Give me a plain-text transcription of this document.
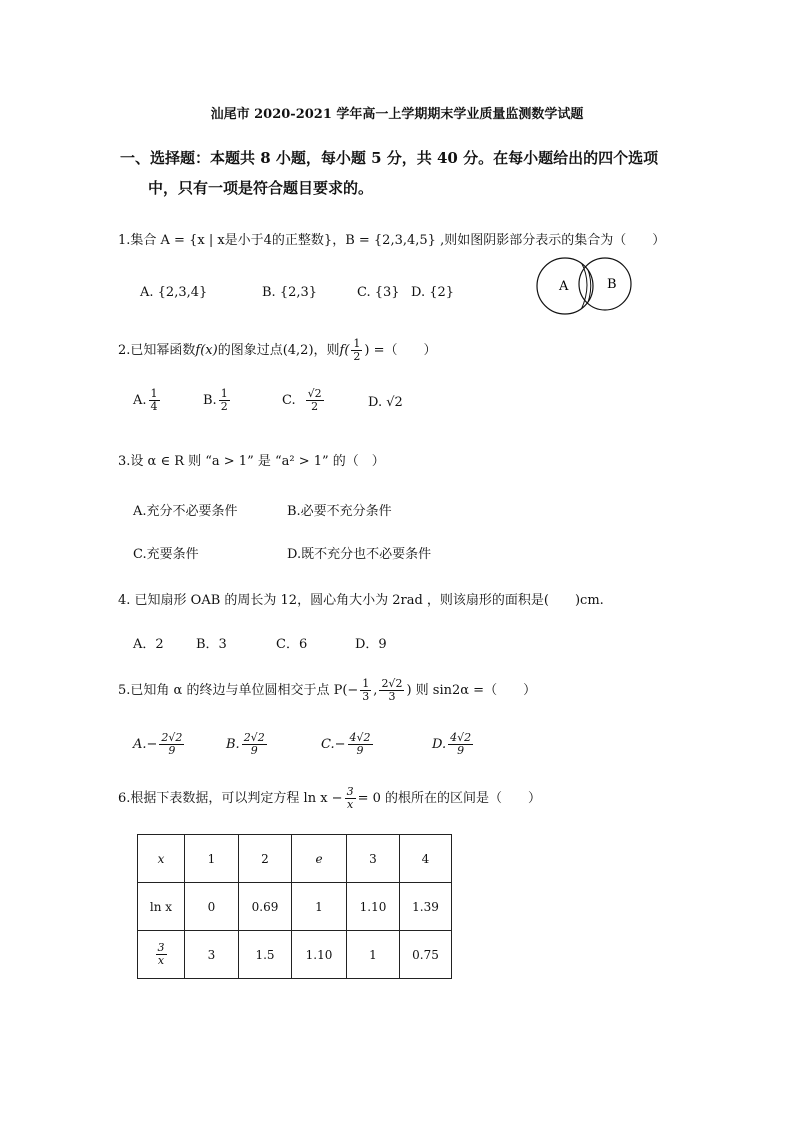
汕尾市 2020-2021 学年高一上学期期末学业质量监测数学试题
一、选择题：本题共 8 小题，每小题 5 分，共 40 分。在每小题给出的四个选项
中，只有一项是符合题目要求的。
1.集合 A = {x | x是小于4的正整数}，B = {2,3,4,5} ,则如图阴影部分表示的集合为（　　）
A. {2,3,4}	B. {2,3}	C. {3} D. {2}	A	B
2.已知幂函数f(x)的图象过点(4,2)，则$f( \frac{1}{2}$ ) =（　　）
A. $\frac{1}{4}$	B. $\frac{1}{2}$	C. $\frac{√2}{2}$	D. √2
3.设 α ∈ R 则 “a > 1” 是 “a² > 1” 的（　）
A.充分不必要条件	B.必要不充分条件
C.充要条件	D.既不充分也不必要条件
4. 已知扇形 OAB 的周长为 12，圆心角大小为 2rad ，则该扇形的面积是(　　)cm.
A．2 B．3	C．6	D．9
5.已知角 α 的终边与单位圆相交于点 $P(- \frac{1}{3}$ , $\frac{2√2}{3}$ ) 则 sin2α =（　　）
$A.- \frac{2√2}{9}$	B. $\frac{2√2}{9}$	$C.- \frac{4√2}{9}$	D. $\frac{4√2}{9}$
6.根据下表数据，可以判定方程 $\ln x - \frac{3}{x} = 0$ 的根所在的区间是（　　）
x	1	2	e	3	4
ln x	0	0.69	1	1.10	1.39

$\frac{3}{x}$	3	1.5	1.10	1	0.75
